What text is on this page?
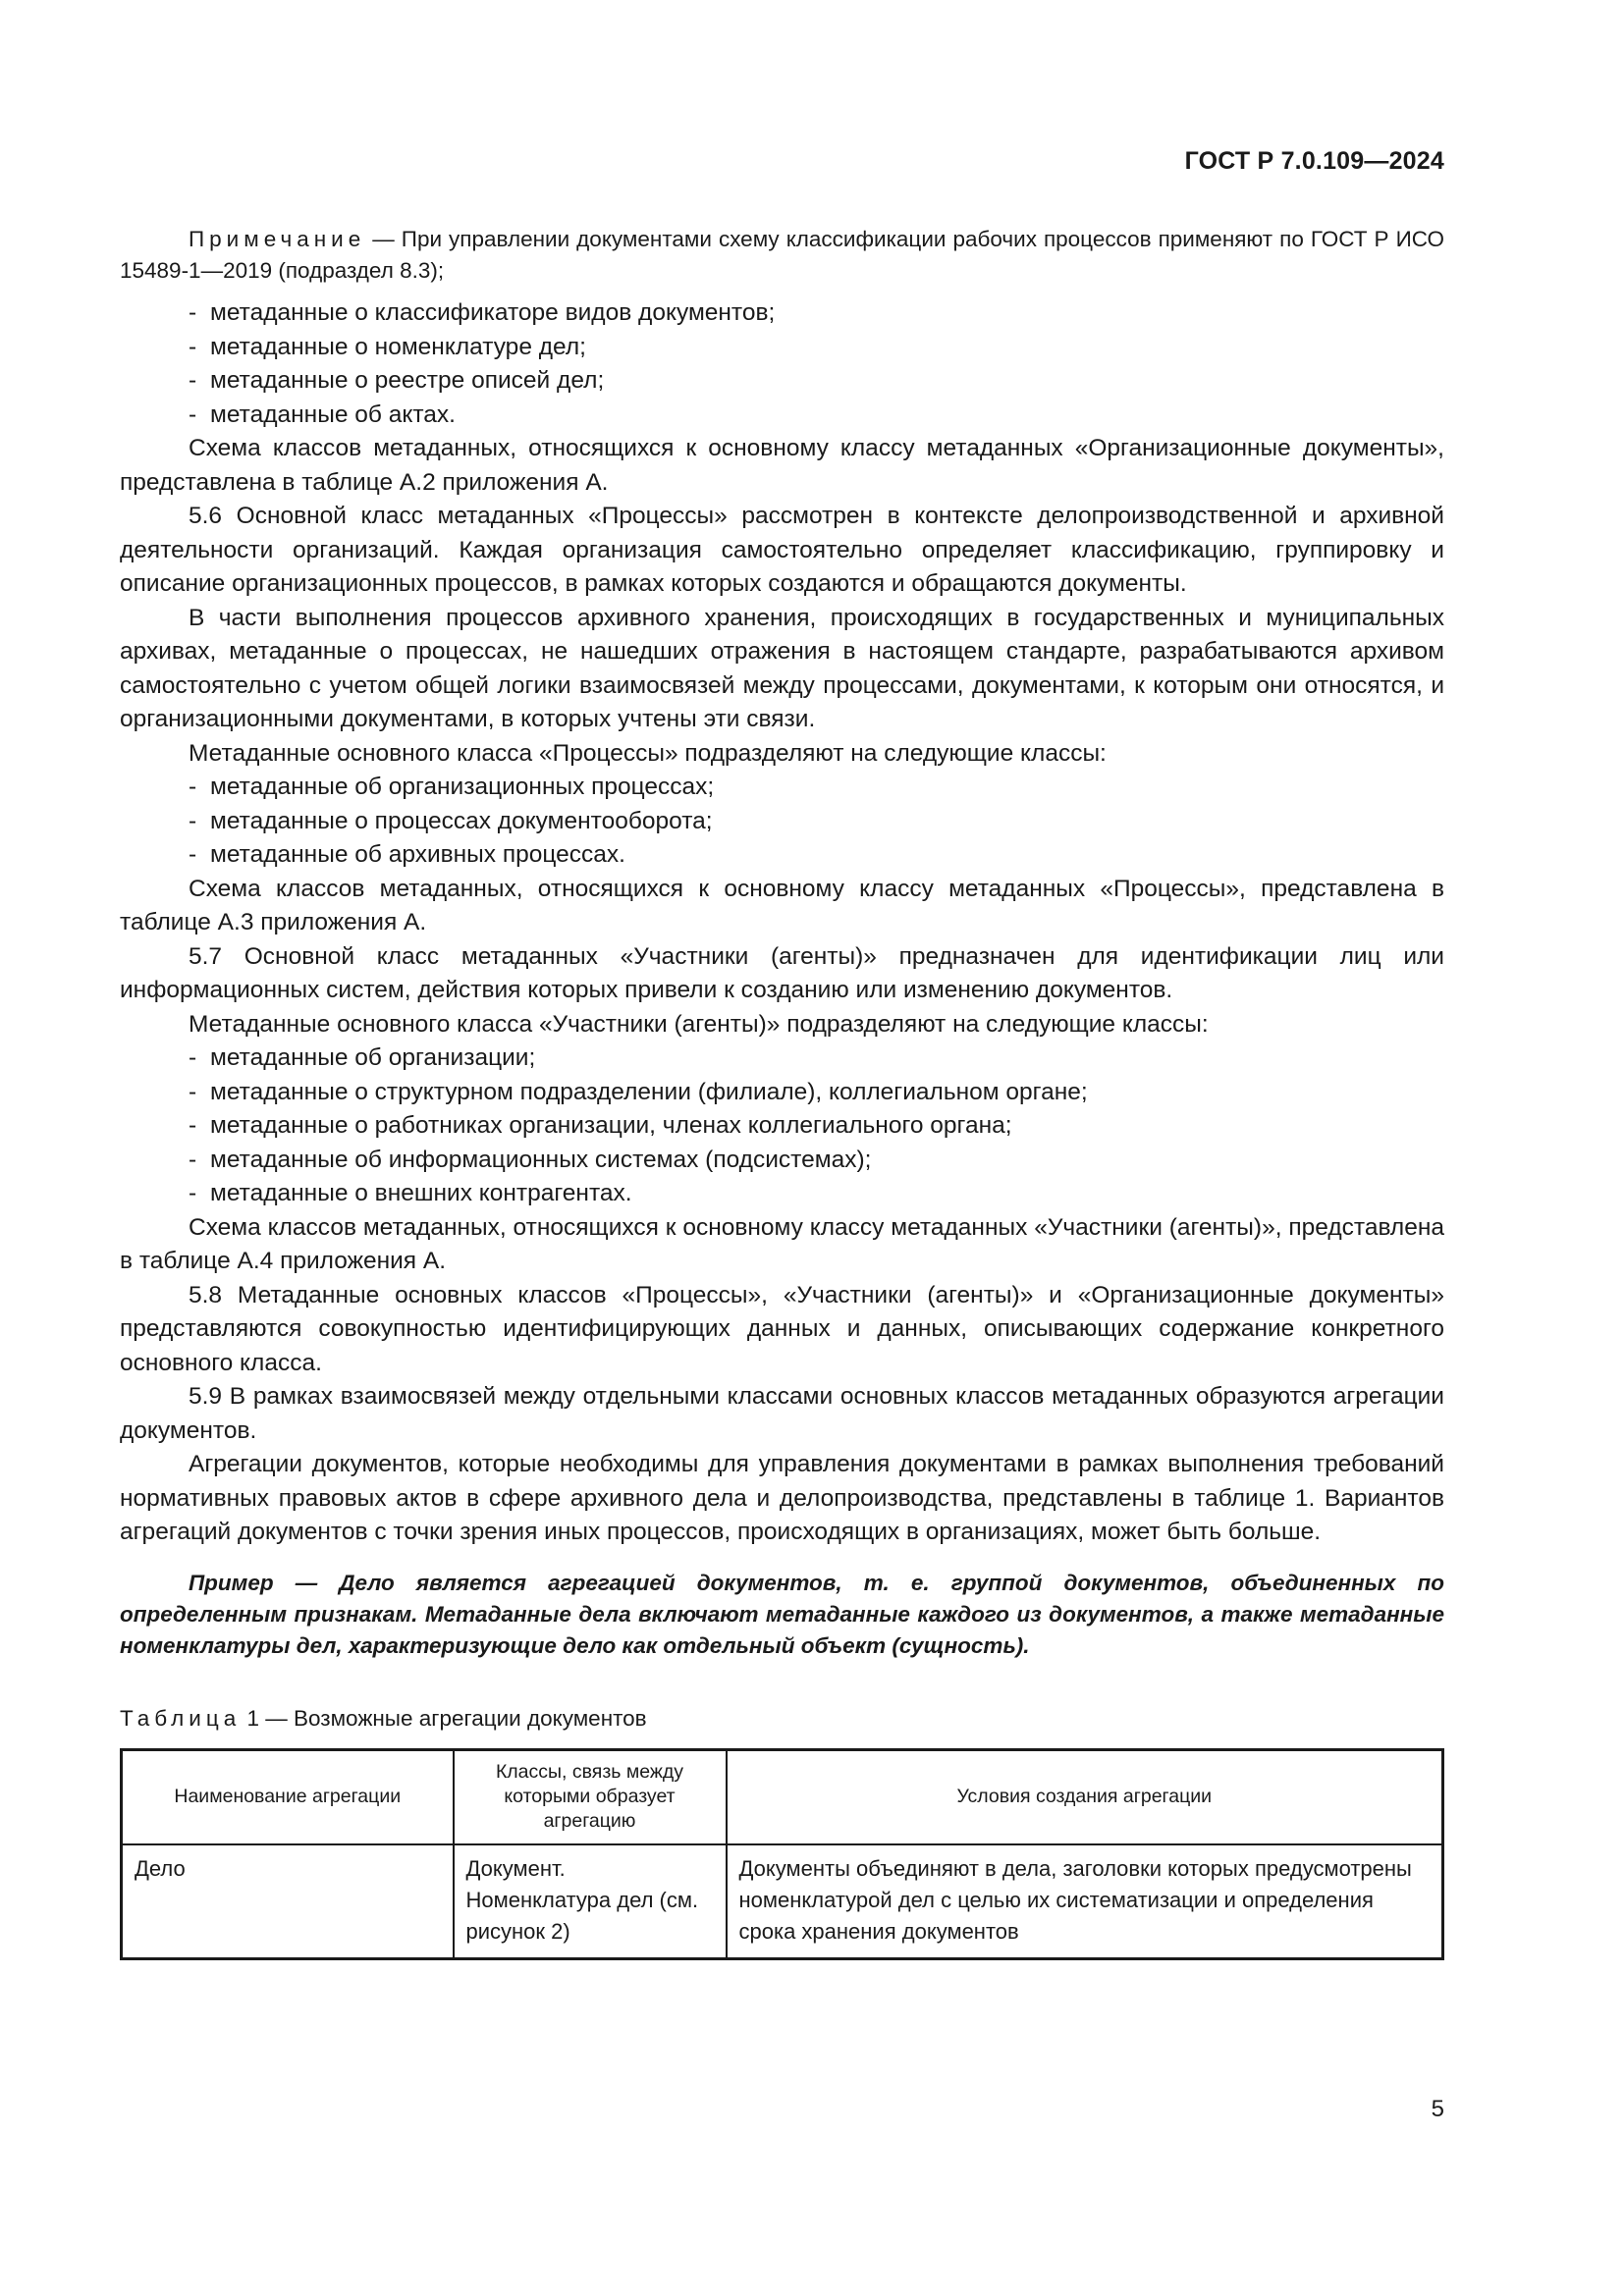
ГОСТ Р 7.0.109—2024

Примечание — При управлении документами схему классификации рабочих процессов применяют по ГОСТ Р ИСО 15489-1—2019 (подраздел 8.3);

- метаданные о классификаторе видов документов;
- метаданные о номенклатуре дел;
- метаданные о реестре описей дел;
- метаданные об актах.

Схема классов метаданных, относящихся к основному классу метаданных «Организационные документы», представлена в таблице А.2 приложения А.

5.6 Основной класс метаданных «Процессы» рассмотрен в контексте делопроизводственной и архивной деятельности организаций. Каждая организация самостоятельно определяет классификацию, группировку и описание организационных процессов, в рамках которых создаются и обращаются документы.

В части выполнения процессов архивного хранения, происходящих в государственных и муниципальных архивах, метаданные о процессах, не нашедших отражения в настоящем стандарте, разрабатываются архивом самостоятельно с учетом общей логики взаимосвязей между процессами, документами, к которым они относятся, и организационными документами, в которых учтены эти связи.

Метаданные основного класса «Процессы» подразделяют на следующие классы:

- метаданные об организационных процессах;
- метаданные о процессах документооборота;
- метаданные об архивных процессах.

Схема классов метаданных, относящихся к основному классу метаданных «Процессы», представлена в таблице А.3 приложения А.

5.7 Основной класс метаданных «Участники (агенты)» предназначен для идентификации лиц или информационных систем, действия которых привели к созданию или изменению документов.

Метаданные основного класса «Участники (агенты)» подразделяют на следующие классы:

- метаданные об организации;
- метаданные о структурном подразделении (филиале), коллегиальном органе;
- метаданные о работниках организации, членах коллегиального органа;
- метаданные об информационных системах (подсистемах);
- метаданные о внешних контрагентах.

Схема классов метаданных, относящихся к основному классу метаданных «Участники (агенты)», представлена в таблице А.4 приложения А.

5.8 Метаданные основных классов «Процессы», «Участники (агенты)» и «Организационные документы» представляются совокупностью идентифицирующих данных и данных, описывающих содержание конкретного основного класса.

5.9 В рамках взаимосвязей между отдельными классами основных классов метаданных образуются агрегации документов.

Агрегации документов, которые необходимы для управления документами в рамках выполнения требований нормативных правовых актов в сфере архивного дела и делопроизводства, представлены в таблице 1. Вариантов агрегаций документов с точки зрения иных процессов, происходящих в организациях, может быть больше.

Пример — Дело является агрегацией документов, т. е. группой документов, объединенных по определенным признакам. Метаданные дела включают метаданные каждого из документов, а также метаданные номенклатуры дел, характеризующие дело как отдельный объект (сущность).

Таблица 1 — Возможные агрегации документов
Наименование агрегации	Классы, связь между которыми образует агрегацию	Условия создания агрегации
Дело	Документ. Номенклатура дел (см. рисунок 2)	Документы объединяют в дела, заголовки которых предусмотрены номенклатурой дел с целью их систематизации и определения срока хранения документов
5
